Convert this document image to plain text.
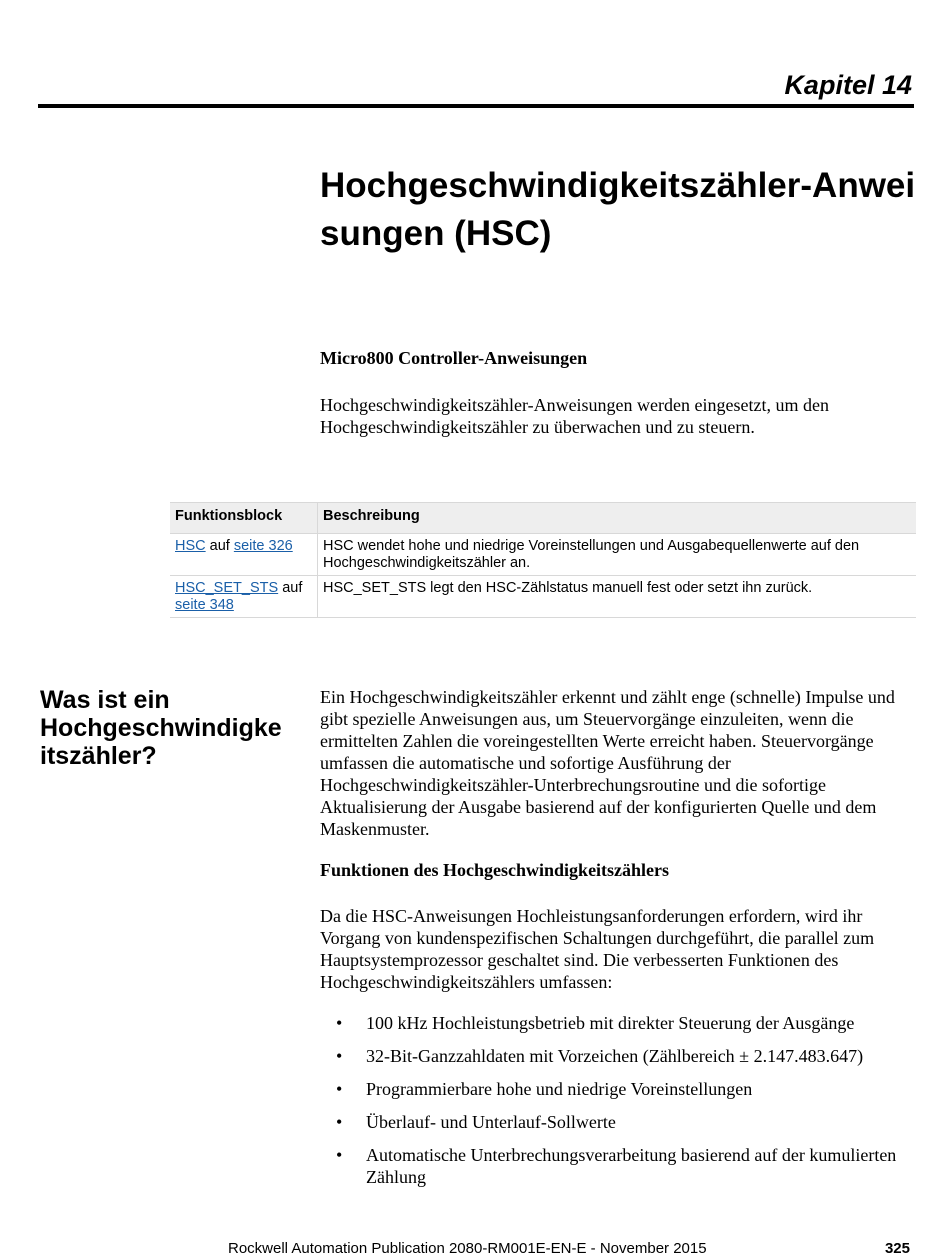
Kapitel 14
Hochgeschwindigkeitszähler-Anwei
sungen (HSC)
Micro800 Controller-Anweisungen

Hochgeschwindigkeitszähler-Anweisungen werden eingesetzt, um den Hochgeschwindigkeitszähler zu überwachen und zu steuern.

Funktionsblock	Beschreibung
HSC auf seite 326	HSC wendet hohe und niedrige Voreinstellungen und Ausgabequellenwerte auf den Hochgeschwindigkeitszähler an.
HSC_SET_STS auf seite 348	HSC_SET_STS legt den HSC-Zählstatus manuell fest oder setzt ihn zurück.
Was ist ein
Hochgeschwindigke
itszähler?

Ein Hochgeschwindigkeitszähler erkennt und zählt enge (schnelle) Impulse und gibt spezielle Anweisungen aus, um Steuervorgänge einzuleiten, wenn die ermittelten Zahlen die voreingestellten Werte erreicht haben. Steuervorgänge umfassen die automatische und sofortige Ausführung der Hochgeschwindigkeitszähler-Unterbrechungsroutine und die sofortige Aktualisierung der Ausgabe basierend auf der konfigurierten Quelle und dem Maskenmuster.

Funktionen des Hochgeschwindigkeitszählers

Da die HSC-Anweisungen Hochleistungsanforderungen erfordern, wird ihr Vorgang von kundenspezifischen Schaltungen durchgeführt, die parallel zum Hauptsystemprozessor geschaltet sind. Die verbesserten Funktionen des Hochgeschwindigkeitszählers umfassen:

• 100 kHz Hochleistungsbetrieb mit direkter Steuerung der Ausgänge
• 32-Bit-Ganzzahldaten mit Vorzeichen (Zählbereich ± 2.147.483.647)
• Programmierbare hohe und niedrige Voreinstellungen
• Überlauf- und Unterlauf-Sollwerte
• Automatische Unterbrechungsverarbeitung basierend auf der kumulierten Zählung
Rockwell Automation Publication 2080-RM001E-EN-E - November 2015	325
